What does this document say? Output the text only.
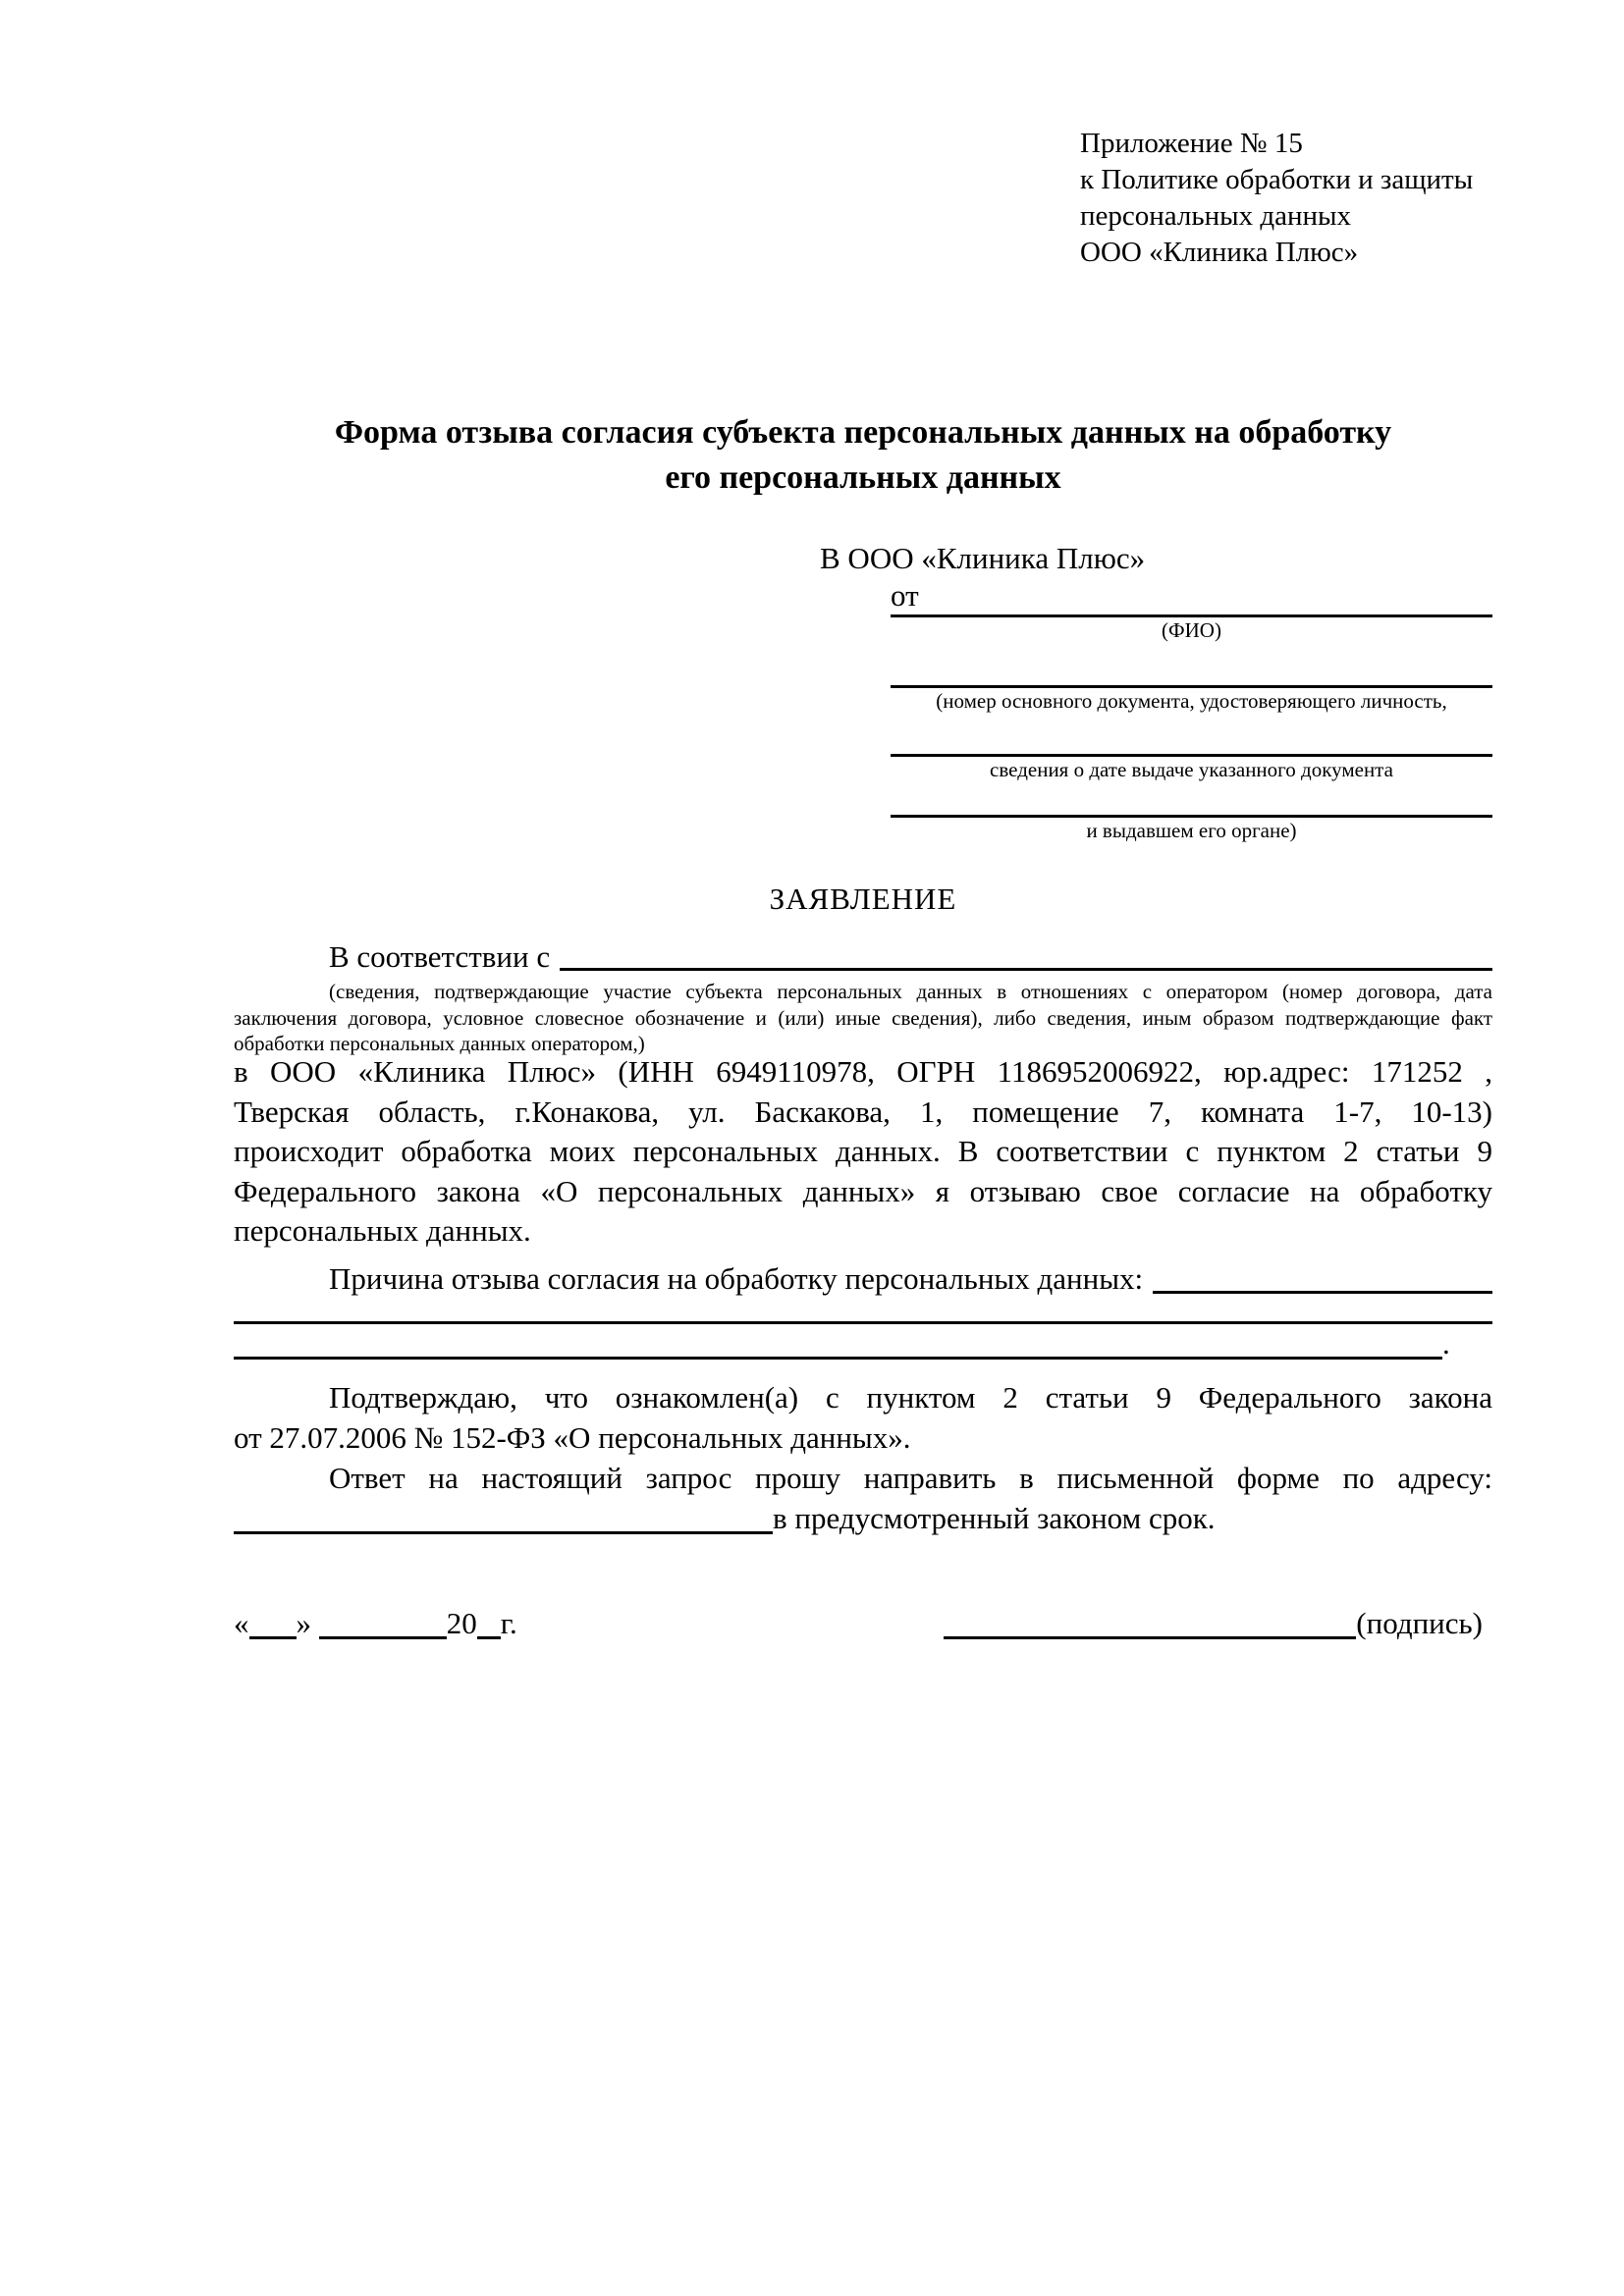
Приложение № 15
к Политике обработки и защиты
персональных данных
ООО «Клиника Плюс»
Форма отзыва согласия субъекта персональных данных на обработку
его персональных данных
В ООО «Клиника Плюс»
от
(ФИО)
(номер основного документа, удостоверяющего личность,
сведения о дате выдаче указанного документа
и выдавшем его органе)
ЗАЯВЛЕНИЕ
В соответствии с
(сведения, подтверждающие участие субъекта персональных данных в отношениях с оператором (номер договора, дата
заключения договора, условное словесное обозначение и (или) иные сведения), либо сведения, иным образом подтверждающие факт
обработки персональных данных оператором,)
в ООО «Клиника Плюс» (ИНН 6949110978, ОГРН 1186952006922, юр.адрес: 171252 ,
Тверская область, г.Конакова, ул. Баскакова, 1, помещение 7, комната 1-7, 10-13)
происходит обработка моих персональных данных. В соответствии с пунктом 2 статьи 9
Федерального закона «О персональных данных» я отзываю свое согласие на обработку
персональных данных.
Причина отзыва согласия на обработку персональных данных:
.
Подтверждаю, что ознакомлен(а) с пунктом 2 статьи 9 Федерального закона
от 27.07.2006 № 152-ФЗ «О персональных данных».
Ответ на настоящий запрос прошу направить в письменной форме по адресу:
в предусмотренный законом срок.
« »	20 г.	(подпись)
